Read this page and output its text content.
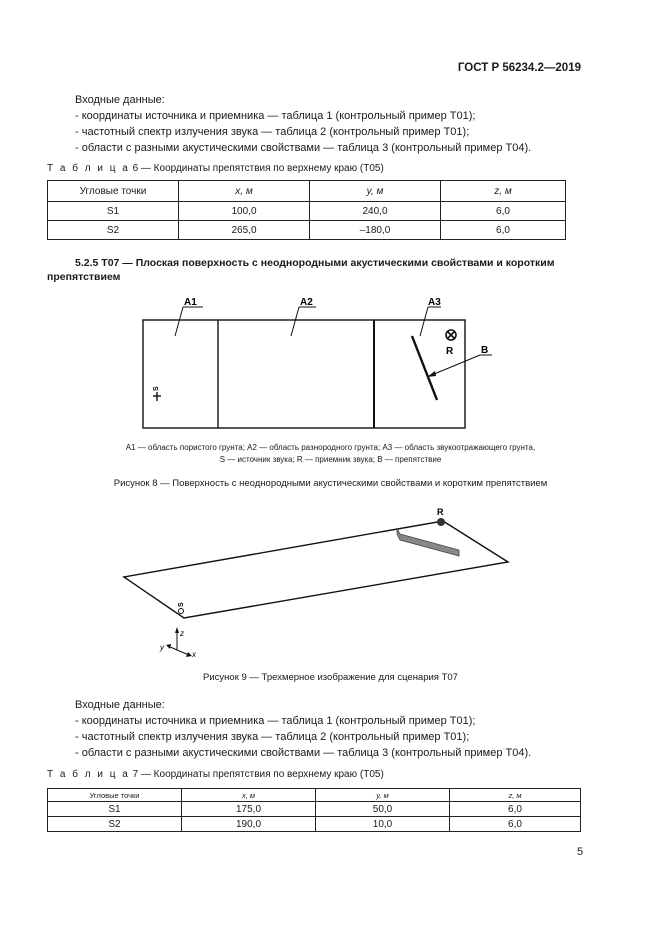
ГОСТ Р 56234.2—2019
Входные данные:
- координаты источника и приемника — таблица 1 (контрольный пример Т01);
- частотный спектр излучения звука — таблица 2 (контрольный пример Т01);
- области с разными акустическими свойствами — таблица 3 (контрольный пример Т04).
Т а б л и ц а 6 — Координаты препятствия по верхнему краю (Т05)
Угловые точки	x, м	y, м	z, м
S1	100,0	240,0	6,0
S2	265,0	–180,0	6,0
5.2.5 Т07 — Плоская поверхность с неоднородными акустическими свойствами и коротким
препятствием
A1	A2	A3
B
R
S
А1 — область пористого грунта; А2 — область разнородного грунта; А3 — область звукоотражающего грунта,
S — источник звука; R — приемник звука; B — препятствие
Рисунок 8 — Поверхность с неоднородными акустическими свойствами и коротким препятствием
R
S
z
y
x
Рисунок 9 — Трехмерное изображение для сценария Т07
Входные данные:
- координаты источника и приемника — таблица 1 (контрольный пример Т01);
- частотный спектр излучения звука — таблица 2 (контрольный пример Т01);
- области с разными акустическими свойствами — таблица 3 (контрольный пример Т04).
Т а б л и ц а 7 — Координаты препятствия по верхнему краю (Т05)
Угловые точки	x, м	y, м	z, м
S1	175,0	50,0	6,0
S2	190,0	10,0	6,0
5
